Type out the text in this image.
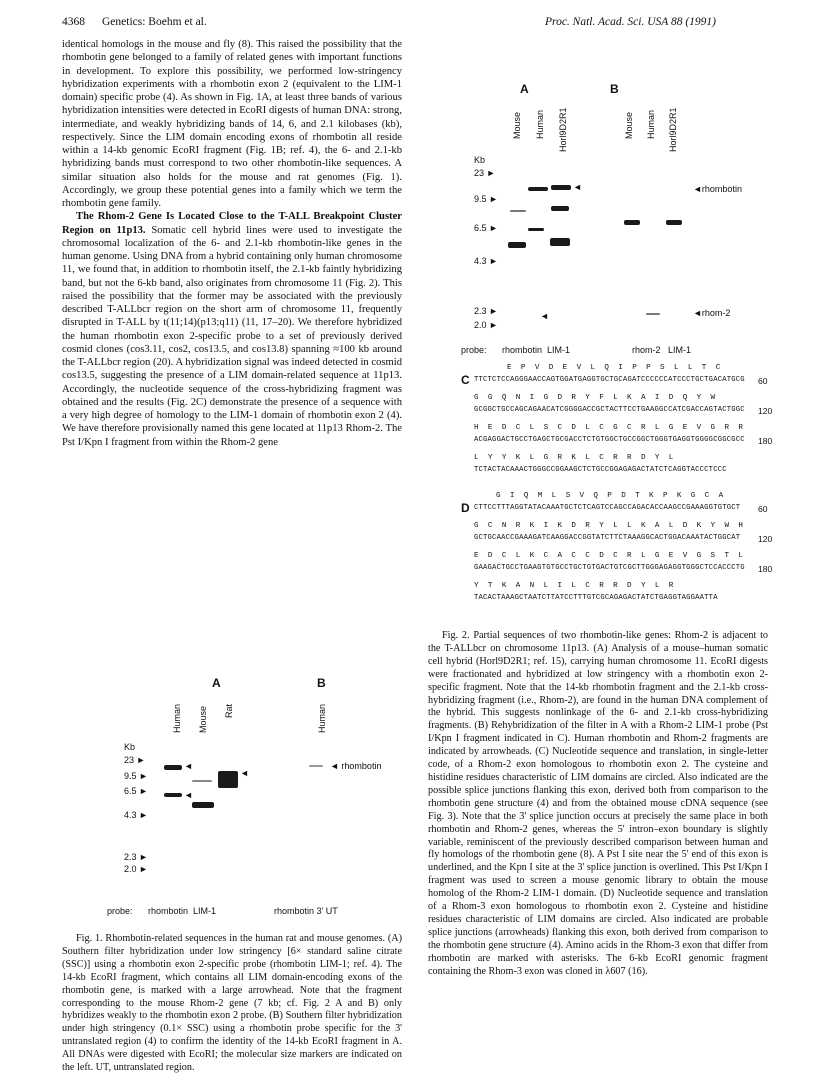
4368 Genetics: Boehm et al.	Proc. Natl. Acad. Sci. USA 88 (1991)

identical homologs in the mouse and fly (8). This raised the possibility that the rhombotin gene belonged to a family of related genes with important functions in development. To explore this possibility, we performed low-stringency hybridization experiments with a rhombotin exon 2 (equivalent to the LIM-1 domain) specific probe (4). As shown in Fig. 1A, at least three bands of various hybridization intensities were detected in EcoRI digests of human DNA: strong, intermediate, and weakly hybridizing bands of 14, 6, and 2.1 kilobases (kb), respectively. Since the LIM domain encoding exons of rhombotin all reside within a 14-kb genomic EcoRI fragment (Fig. 1B; ref. 4), the 6- and 2.1-kb hybridizing bands must correspond to two other rhombotin-like sequences. A similar situation also holds for the mouse and rat genomes (Fig. 1). Accordingly, we group these potential genes into a family which we term the rhombotin gene family.

The Rhom-2 Gene Is Located Close to the T-ALL Breakpoint Cluster Region on 11p13. Somatic cell hybrid lines were used to investigate the chromosomal localization of the 6- and 2.1-kb rhombotin-like genes in the human genome. Using DNA from a hybrid containing only human chromosome 11, we found that, in addition to rhombotin itself, the 2.1-kb faintly hybridizing band, but not the 6-kb band, also originates from chromosome 11 (Fig. 2). This raised the possibility that the former may be associated with the previously described T-ALLbcr region on the short arm of chromosome 11, frequently disrupted in T-ALL by t(11;14)(p13;q11) (11, 17–20). We therefore hybridized the human rhombotin exon 2-specific probe to a set of previously derived cosmid clones (cos3.11, cos2, cos13.5, and cos13.8) spanning ≈100 kb around the T-ALLbcr region (20). A hybridization signal was indeed detected in cosmid cos13.5, suggesting the presence of a LIM domain-related sequence at 11p13. Accordingly, the nucleotide sequence of the cross-hybridizing fragment was obtained and the results (Fig. 2C) demonstrate the presence of a sequence with a very high degree of homology to the LIM-1 domain of rhombotin exon 2 (4). We have therefore provisionally named this gene located at 11p13 Rhom-2. The Pst I/Kpn I fragment from within the Rhom-2 gene

A	B
Human Mouse Rat	Human
Kb
23 ►
9.5 ►
6.5 ►
4.3 ►
2.3 ►
2.0 ►
◄
◄
◄
◄ rhombotin
probe: rhombotin  LIM-1	rhombotin 3' UT

Fig. 1. Rhombotin-related sequences in the human rat and mouse genomes. (A) Southern filter hybridization under low stringency [6× standard saline citrate (SSC)] using a rhombotin exon 2-specific probe (rhombotin LIM-1; ref. 4). The 14-kb EcoRI fragment, which contains all LIM domain-encoding exons of the rhombotin gene, is marked with a large arrowhead. Note that the fragment corresponding to the mouse Rhom-2 gene (7 kb; cf. Fig. 2 A and B) only hybridizes weakly to the rhombotin exon 2 probe. (B) Southern filter hybridization under high stringency (0.1× SSC) using a rhombotin probe specific for the 3' untranslated region (4) to confirm the identity of the 14-kb EcoRI fragment in A. All DNAs were digested with EcoRI; the molecular size markers are indicated on the left. UT, untranslated region.

A	B
Mouse Human Horl9D2R1	Mouse Human Horl9D2R1
Kb
23 ►
9.5 ►
6.5 ►
4.3 ►
2.3 ►
2.0 ►
◄
◄
◄rhombotin
◄rhom-2
probe: rhombotin  LIM-1	rhom-2   LIM-1
C
E P V D E V L Q I P P S L L T C
TTCTCTCCAGGGAACCAGTGGATGAGGTGCTGCAGATCCCCCCATCCCTGCTGACATGCG 60
G G Q N I G D R Y F L K A I D Q Y W
GCGGCTGCCAGCAGAACATCGGGGACCGCTACTTCCTGAAGGCCATCGACCAGTACTGGC 120
H E D C L S C D L C G C R L G E V G R R
ACGAGGACTGCCTGAGCTGCGACCTCTGTGGCTGCCGGCTGGGTGAGGTGGGGCGGCGCC 180
L Y Y K L G R K L C R R D Y L
TCTACTACAAACTGGGCCGGAAGCTCTGCCGGAGAGACTATCTCAGGTACCCTCCC
D
G I Q M L S V Q P D T K P K G C A
CTTCCTTTAGGTATACAAATGCTCTCAGTCCAGCCAGACACCAAGCCGAAAGGTGTGCT 60
G C N R K I K D R Y L L K A L D K Y W H
GCTGCAACCGAAAGATCAAGGACCGGTATCTTCTAAAGGCACTGGACAAATACTGGCAT 120
E D C L K C A C C D C R L G E V G S T L
GAAGACTGCCTGAAGTGTGCCTGCTGTGACTGTCGCTTGGGAGAGGTGGGCTCCACCCTG 180
Y T K A N L I L C R R D Y L R
TACACTAAAGCTAATCTTATCCTTTGTCGCAGAGACTATCTGAGGTAGGAATTA

Fig. 2. Partial sequences of two rhombotin-like genes: Rhom-2 is adjacent to the T-ALLbcr on chromosome 11p13. (A) Analysis of a mouse–human somatic cell hybrid (Horl9D2R1; ref. 15), carrying human chromosome 11. EcoRI digests were fractionated and hybridized at low stringency with a rhombotin exon 2-specific fragment. Note that the 14-kb rhombotin fragment and the 2.1-kb cross-hybridizing fragment (i.e., Rhom-2), are found in the human DNA complement of the hybrid. This suggests nonlinkage of the 6- and 2.1-kb cross-hybridizing fragments. (B) Rehybridization of the filter in A with a Rhom-2 LIM-1 probe (Pst I/Kpn I fragment indicated in C). Human rhombotin and Rhom-2 fragments are indicated by arrowheads. (C) Nucleotide sequence and translation, in single-letter code, of a Rhom-2 exon homologous to rhombotin exon 2. The cysteine and histidine residues characteristic of LIM domains are circled. Also indicated are the possible splice junctions flanking this exon, derived both from comparison to the rhombotin gene structure (4) and from the obtained mouse cDNA sequence (see Fig. 3). Note that the 3' splice junction occurs at precisely the same place in both rhombotin and Rhom-2 genes, whereas the 5' intron–exon boundary is slightly variable, reminiscent of the previously described comparison between human and fly homologs of the rhombotin gene (8). A Pst I site near the 5' end of this exon is underlined, and the Kpn I site at the 3' splice junction is overlined. This Pst I/Kpn I fragment was used to screen a mouse genomic library to obtain the mouse homolog of the Rhom-2 LIM-1 domain. (D) Nucleotide sequence and translation of a Rhom-3 exon homologous to rhombotin exon 2. Cysteine and histidine residues characteristic of LIM domains are circled. Also indicated are probable splice junctions (arrowheads) flanking this exon, both derived from comparison to the rhombotin gene structure (4). Amino acids in the Rhom-3 exon that differ from rhombotin are marked with asterisks. The 6-kb EcoRI genomic fragment containing the Rhom-3 exon was cloned in λ607 (16).
